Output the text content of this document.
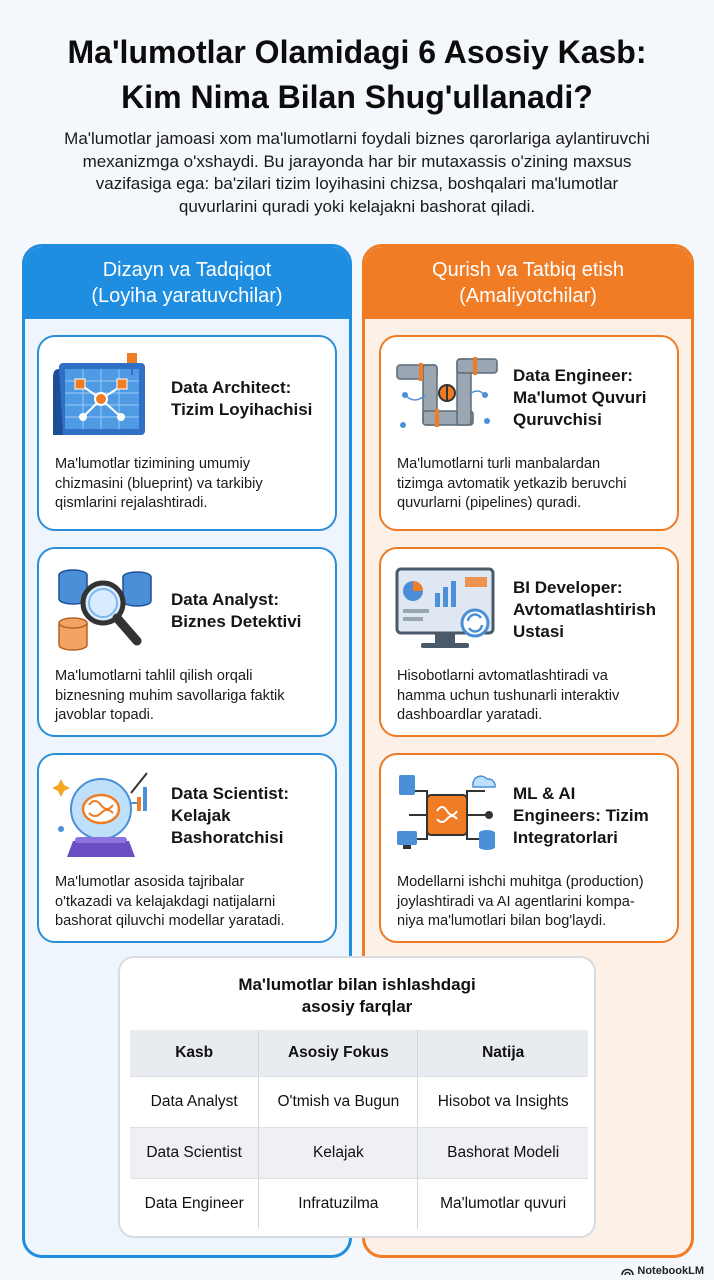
Ma'lumotlar Olamidagi 6 Asosiy Kasb:
Kim Nima Bilan Shug'ullanadi?
Ma'lumotlar jamoasi xom ma'lumotlarni foydali biznes qarorlariga aylantiruvchi
mexanizmga o'xshaydi. Bu jarayonda har bir mutaxassis o'zining maxsus
vazifasiga ega: ba'zilari tizim loyihasini chizsa, boshqalari ma'lumotlar
quvurlarini quradi yoki kelajakni bashorat qiladi.
Dizayn va Tadqiqot
(Loyiha yaratuvchilar)
Data Architect:
Tizim Loyihachisi
Ma'lumotlar tizimining umumiy
chizmasini (blueprint) va tarkibiy
qismlarini rejalashtiradi.
Data Analyst:
Biznes Detektivi
Ma'lumotlarni tahlil qilish orqali
biznesning muhim savollariga faktik
javoblar topadi.
Data Scientist:
Kelajak
Bashoratchisi
Ma'lumotlar asosida tajribalar
o'tkazadi va kelajakdagi natijalarni
bashorat qiluvchi modellar yaratadi.
Qurish va Tatbiq etish
(Amaliyotchilar)
Data Engineer:
Ma'lumot Quvuri
Quruvchisi
Ma'lumotlarni turli manbalardan
tizimga avtomatik yetkazib beruvchi
quvurlarni (pipelines) quradi.
BI Developer:
Avtomatlashtirish
Ustasi
Hisobotlarni avtomatlashtiradi va
hamma uchun tushunarli interaktiv
dashboardlar yaratadi.
ML & AI
Engineers: Tizim
Integratorlari
Modellarni ishchi muhitga (production)
joylashtiradi va AI agentlarini kompa-
niya ma'lumotlari bilan bog'laydi.
Ma'lumotlar bilan ishlashdagi
asosiy farqlar
Kasb	Asosiy Fokus	Natija
Data Analyst	O'tmish va Bugun	Hisobot va Insights
Data Scientist	Kelajak	Bashorat Modeli
Data Engineer	Infratuzilma	Ma'lumotlar quvuri
NotebookLM
